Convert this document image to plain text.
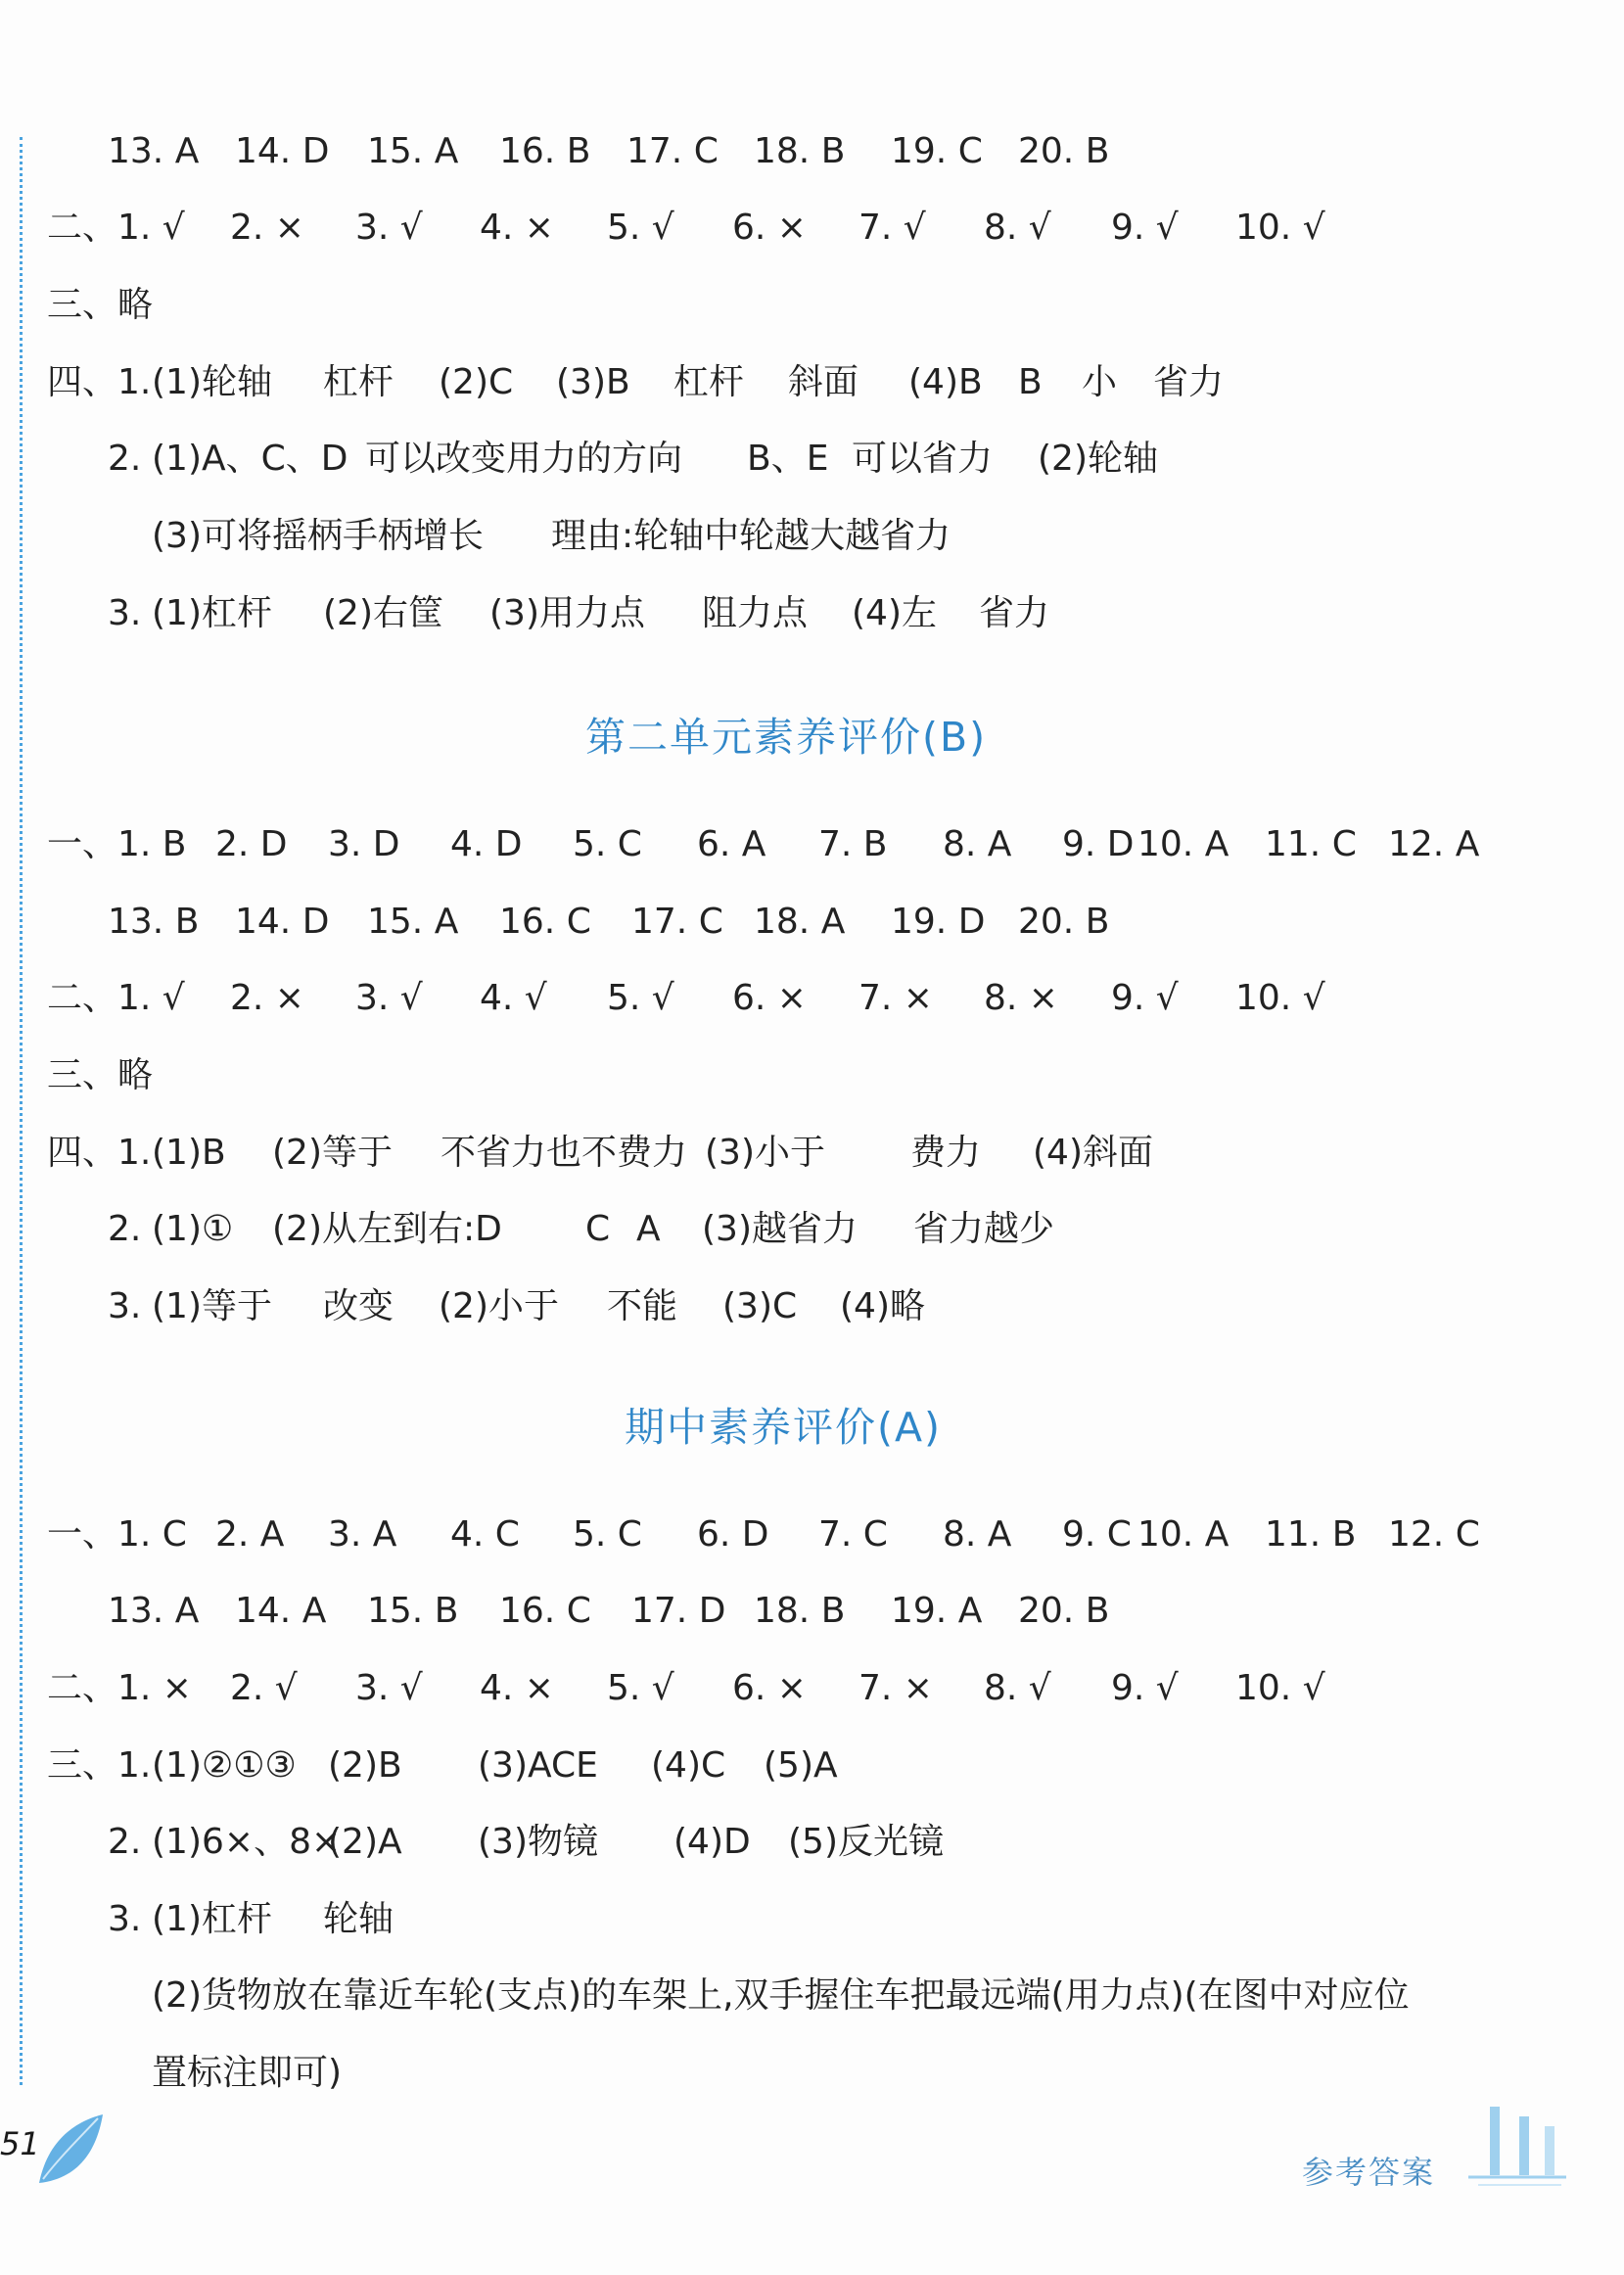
13. A 14. D 15. A 16. B 17. C 18. B 19. C 20. B
二、1. √ 2. × 3. √ 4. × 5. √ 6. × 7. √ 8. √ 9. √ 10. √
三、略
四、1. (1)轮轴 杠杆 (2)C (3)B 杠杆 斜面 (4)B B 小 省力
2. (1)A、C、D 可以改变用力的方向 B、E 可以省力 (2)轮轴
(3)可将摇柄手柄增长 理由:轮轴中轮越大越省力
3. (1)杠杆 (2)右筐 (3)用力点 阻力点 (4)左 省力
第二单元素养评价(B)
一、1. B 2. D 3. D 4. D 5. C 6. A 7. B 8. A 9. D 10. A 11. C 12. A
13. B 14. D 15. A 16. C 17. C 18. A 19. D 20. B
二、1. √ 2. × 3. √ 4. √ 5. √ 6. × 7. × 8. × 9. √ 10. √
三、略
四、1. (1)B (2)等于 不省力也不费力 (3)小于 费力 (4)斜面
2. (1)① (2)从左到右:D C A (3)越省力 省力越少
3. (1)等于 改变 (2)小于 不能 (3)C (4)略
期中素养评价(A)
一、1. C 2. A 3. A 4. C 5. C 6. D 7. C 8. A 9. C 10. A 11. B 12. C
13. A 14. A 15. B 16. C 17. D 18. B 19. A 20. B
二、1. × 2. √ 3. √ 4. × 5. √ 6. × 7. × 8. √ 9. √ 10. √
三、1. (1)②①③ (2)B (3)ACE (4)C (5)A
2. (1)6×、8×
(2)A (3)物镜 (4)D (5)反光镜
3. (1)杠杆 轮轴
(2)货物放在靠近车轮(支点)的车架上,双手握住车把最远端(用力点)(在图中对应位
置标注即可)
51
参考答案
